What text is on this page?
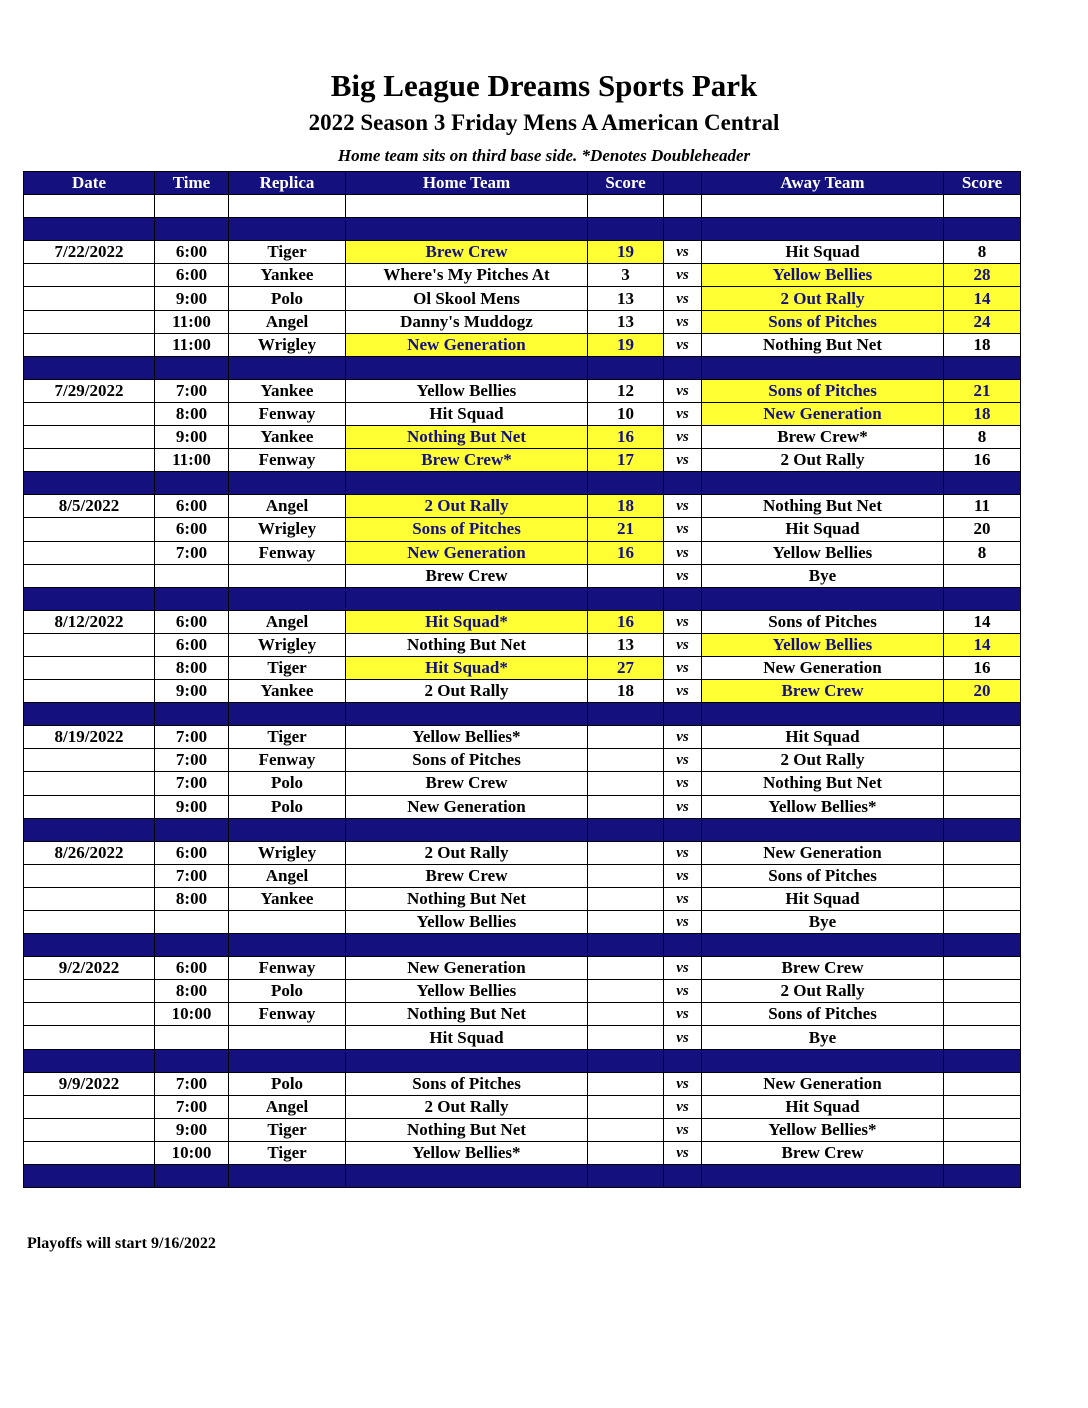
Big League Dreams Sports Park
2022 Season 3 Friday Mens A American Central
Home team sits on third base side. *Denotes Doubleheader
Date	Time	Replica	Home Team	Score		Away Team	Score

7/22/2022	6:00	Tiger	Brew Crew	19	vs	Hit Squad	8
	6:00	Yankee	Where's My Pitches At	3	vs	Yellow Bellies	28
	9:00	Polo	Ol Skool Mens	13	vs	2 Out Rally	14
	11:00	Angel	Danny's Muddogz	13	vs	Sons of Pitches	24
	11:00	Wrigley	New Generation	19	vs	Nothing But Net	18

7/29/2022	7:00	Yankee	Yellow Bellies	12	vs	Sons of Pitches	21
	8:00	Fenway	Hit Squad	10	vs	New Generation	18
	9:00	Yankee	Nothing But Net	16	vs	Brew Crew*	8
	11:00	Fenway	Brew Crew*	17	vs	2 Out Rally	16

8/5/2022	6:00	Angel	2 Out Rally	18	vs	Nothing But Net	11
	6:00	Wrigley	Sons of Pitches	21	vs	Hit Squad	20
	7:00	Fenway	New Generation	16	vs	Yellow Bellies	8
			Brew Crew		vs	Bye	

8/12/2022	6:00	Angel	Hit Squad*	16	vs	Sons of Pitches	14
	6:00	Wrigley	Nothing But Net	13	vs	Yellow Bellies	14
	8:00	Tiger	Hit Squad*	27	vs	New Generation	16
	9:00	Yankee	2 Out Rally	18	vs	Brew Crew	20

8/19/2022	7:00	Tiger	Yellow Bellies*		vs	Hit Squad	
	7:00	Fenway	Sons of Pitches		vs	2 Out Rally	
	7:00	Polo	Brew Crew		vs	Nothing But Net	
	9:00	Polo	New Generation		vs	Yellow Bellies*	

8/26/2022	6:00	Wrigley	2 Out Rally		vs	New Generation	
	7:00	Angel	Brew Crew		vs	Sons of Pitches	
	8:00	Yankee	Nothing But Net		vs	Hit Squad	
			Yellow Bellies		vs	Bye	

9/2/2022	6:00	Fenway	New Generation		vs	Brew Crew	
	8:00	Polo	Yellow Bellies		vs	2 Out Rally	
	10:00	Fenway	Nothing But Net		vs	Sons of Pitches	
			Hit Squad		vs	Bye	

9/9/2022	7:00	Polo	Sons of Pitches		vs	New Generation	
	7:00	Angel	2 Out Rally		vs	Hit Squad	
	9:00	Tiger	Nothing But Net		vs	Yellow Bellies*	
	10:00	Tiger	Yellow Bellies*		vs	Brew Crew	

Playoffs will start 9/16/2022
